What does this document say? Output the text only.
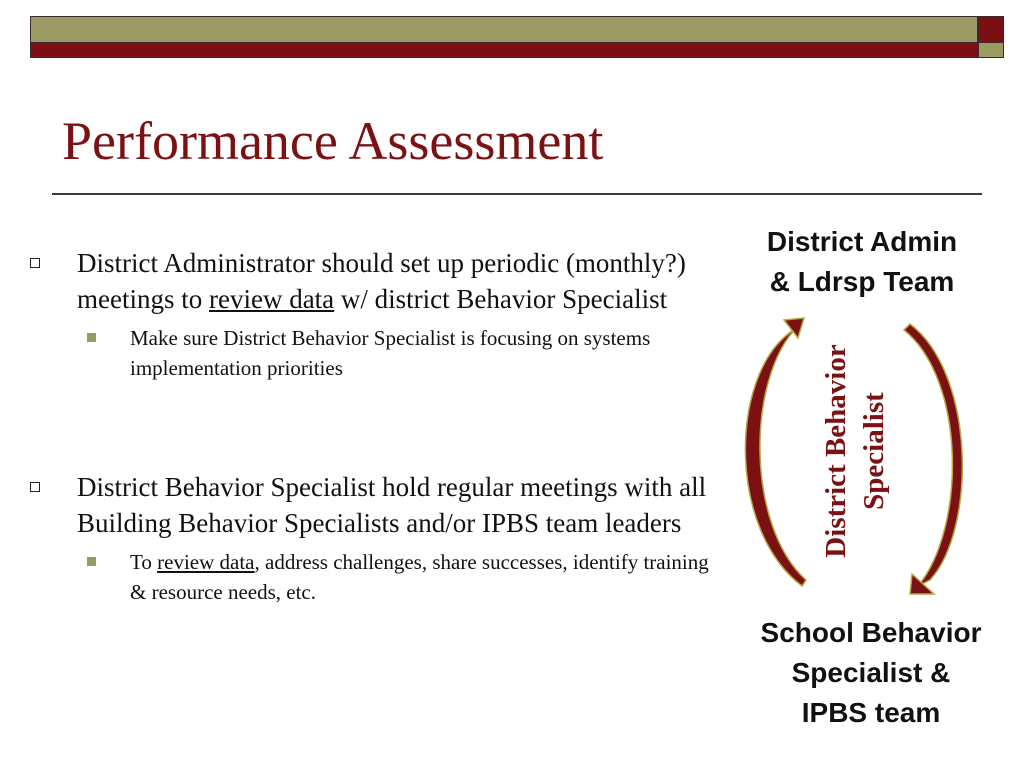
Performance Assessment
District Administrator should set up periodic (monthly?) meetings to review data w/ district Behavior Specialist
Make sure District Behavior Specialist is focusing on systems implementation priorities
District Behavior Specialist hold regular meetings with all Building Behavior Specialists and/or IPBS team leaders
To review data, address challenges, share successes, identify training & resource needs, etc.
District Admin
& Ldrsp Team
District Behavior Specialist
School Behavior
Specialist &
IPBS team
